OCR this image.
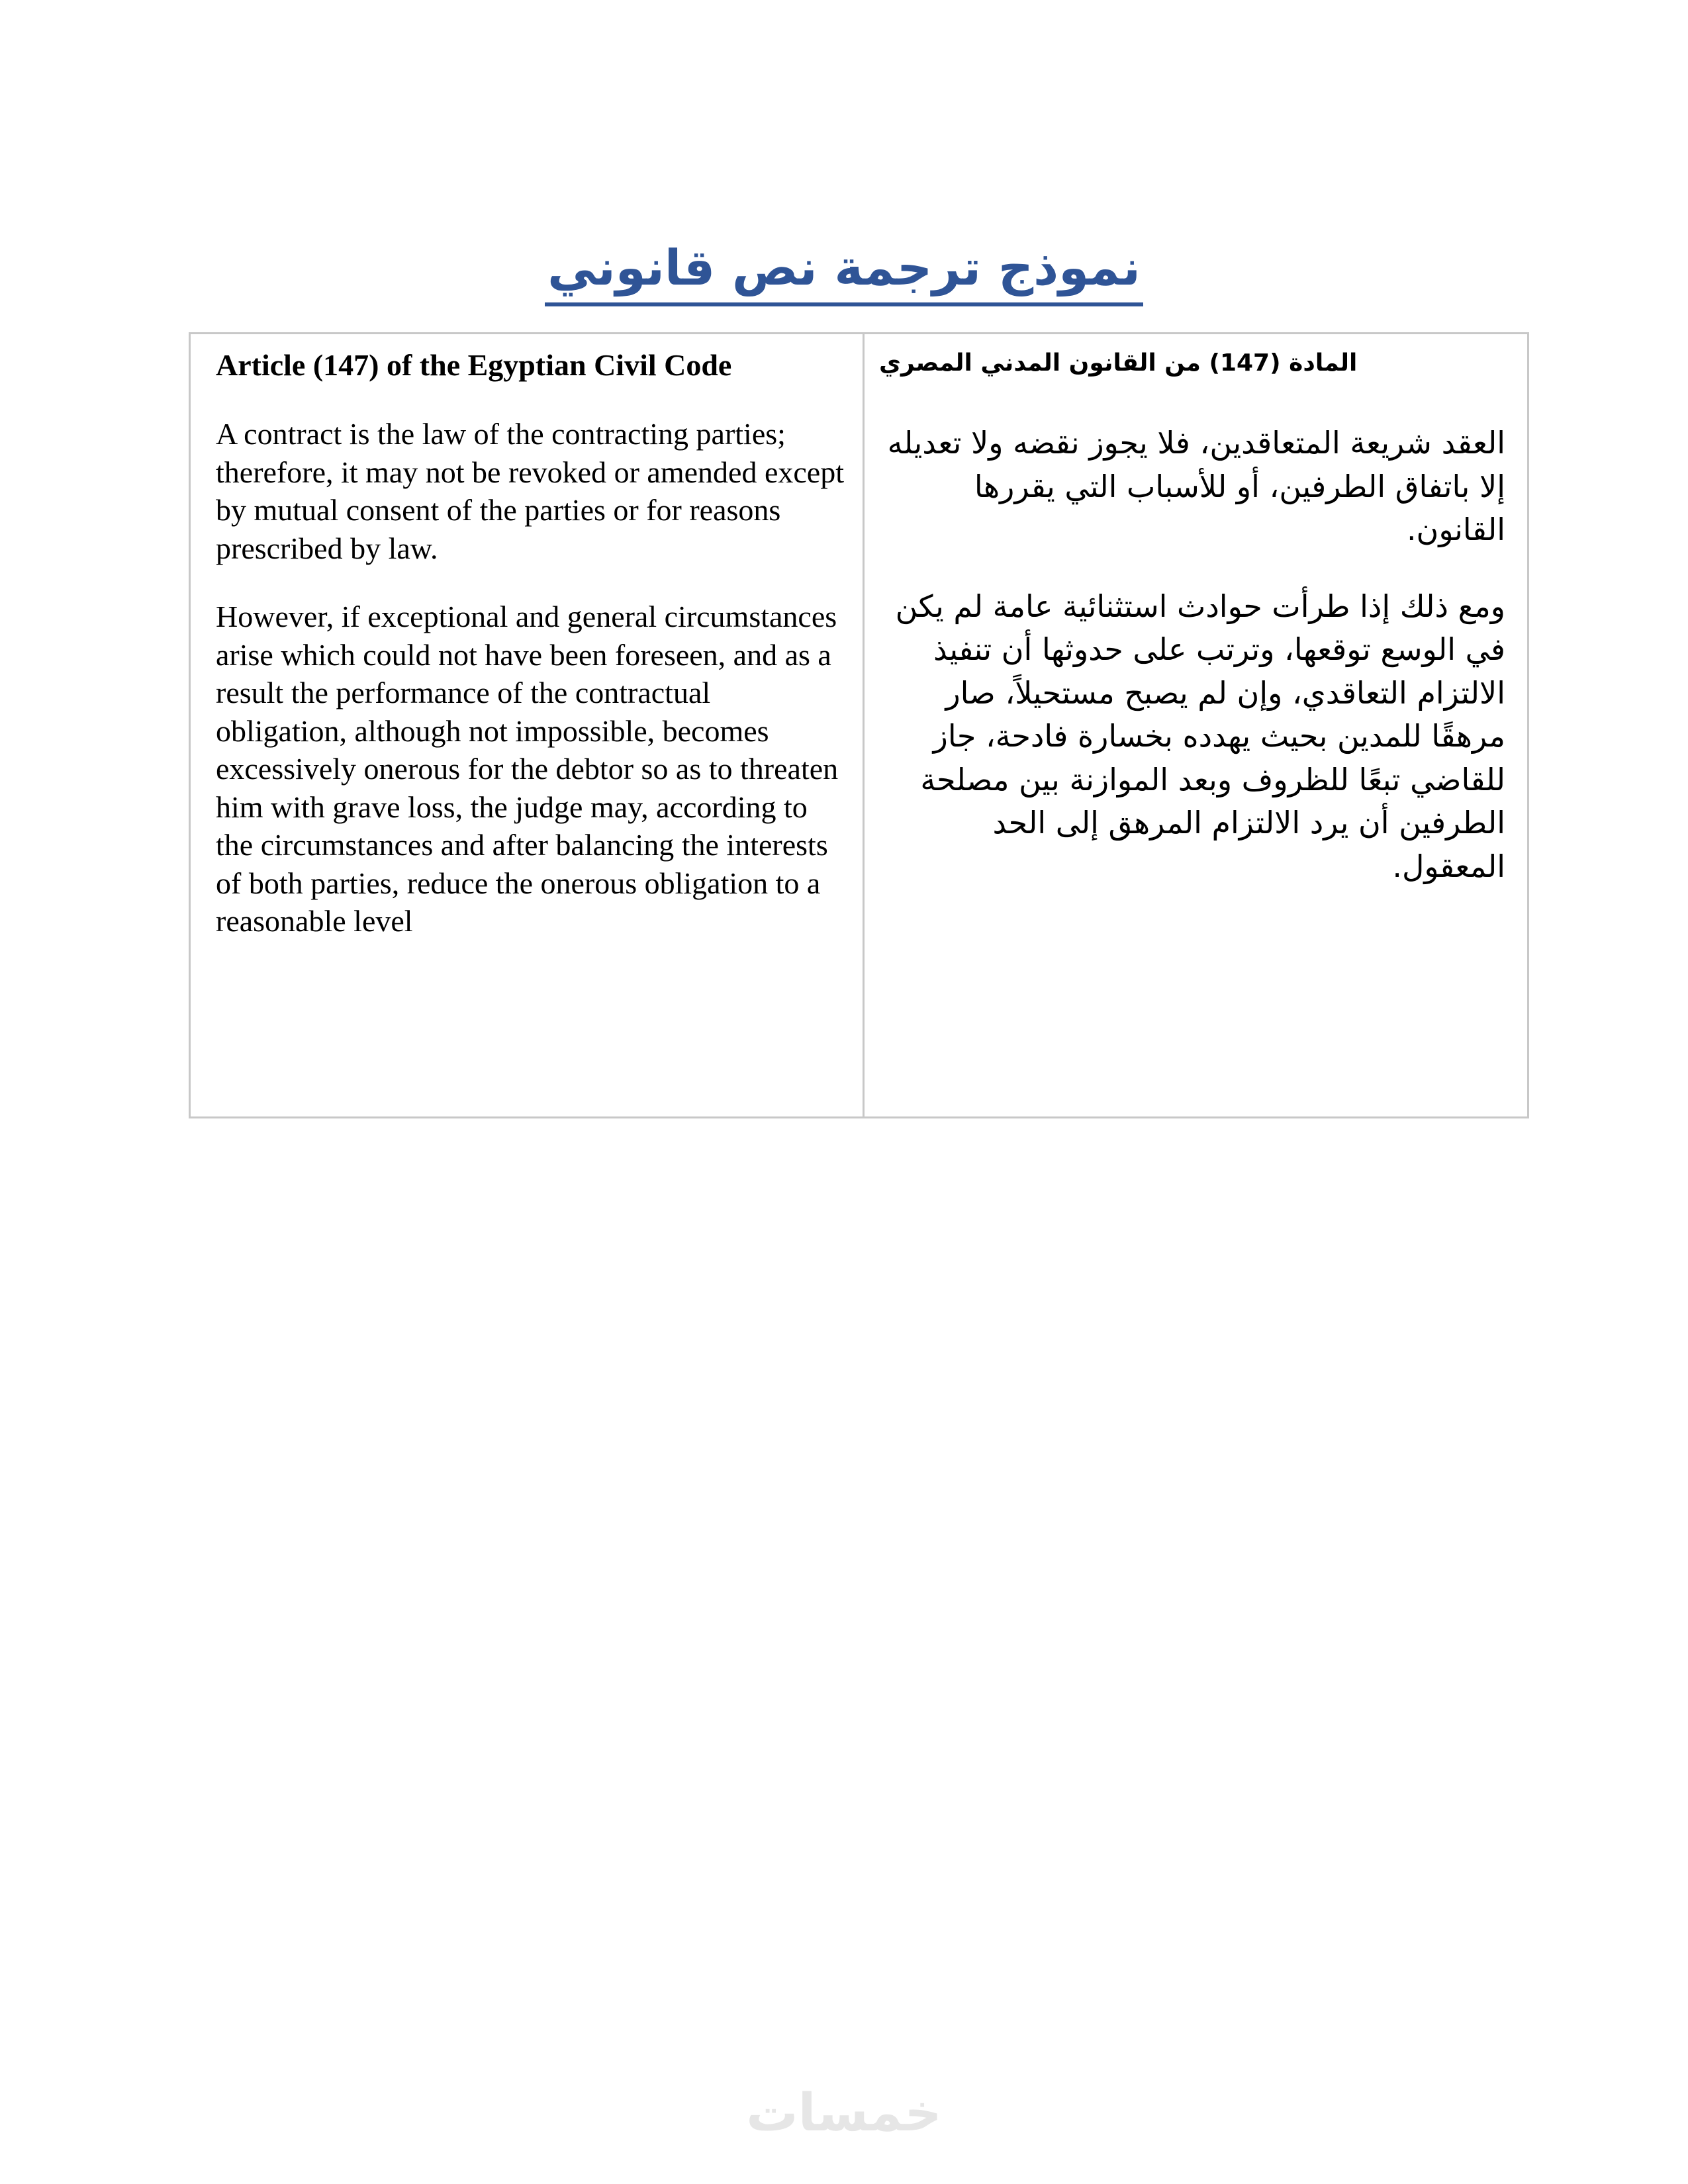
نموذج ترجمة نص قانوني

Article (147) of the Egyptian Civil Code

A contract is the law of the contracting parties; therefore, it may not be revoked or amended except by mutual consent of the parties or for reasons prescribed by law.

However, if exceptional and general circumstances arise which could not have been foreseen, and as a result the performance of the contractual obligation, although not impossible, becomes excessively onerous for the debtor so as to threaten him with grave loss, the judge may, according to the circumstances and after balancing the interests of both parties, reduce the onerous obligation to a reasonable level

المادة (147) من القانون المدني المصري

العقد شريعة المتعاقدين، فلا يجوز نقضه ولا تعديله إلا باتفاق الطرفين، أو للأسباب التي يقررها القانون.

ومع ذلك إذا طرأت حوادث استثنائية عامة لم يكن في الوسع توقعها، وترتب على حدوثها أن تنفيذ الالتزام التعاقدي، وإن لم يصبح مستحيلاً، صار مرهقًا للمدين بحيث يهدده بخسارة فادحة، جاز للقاضي تبعًا للظروف وبعد الموازنة بين مصلحة الطرفين أن يرد الالتزام المرهق إلى الحد المعقول.

خمسات
